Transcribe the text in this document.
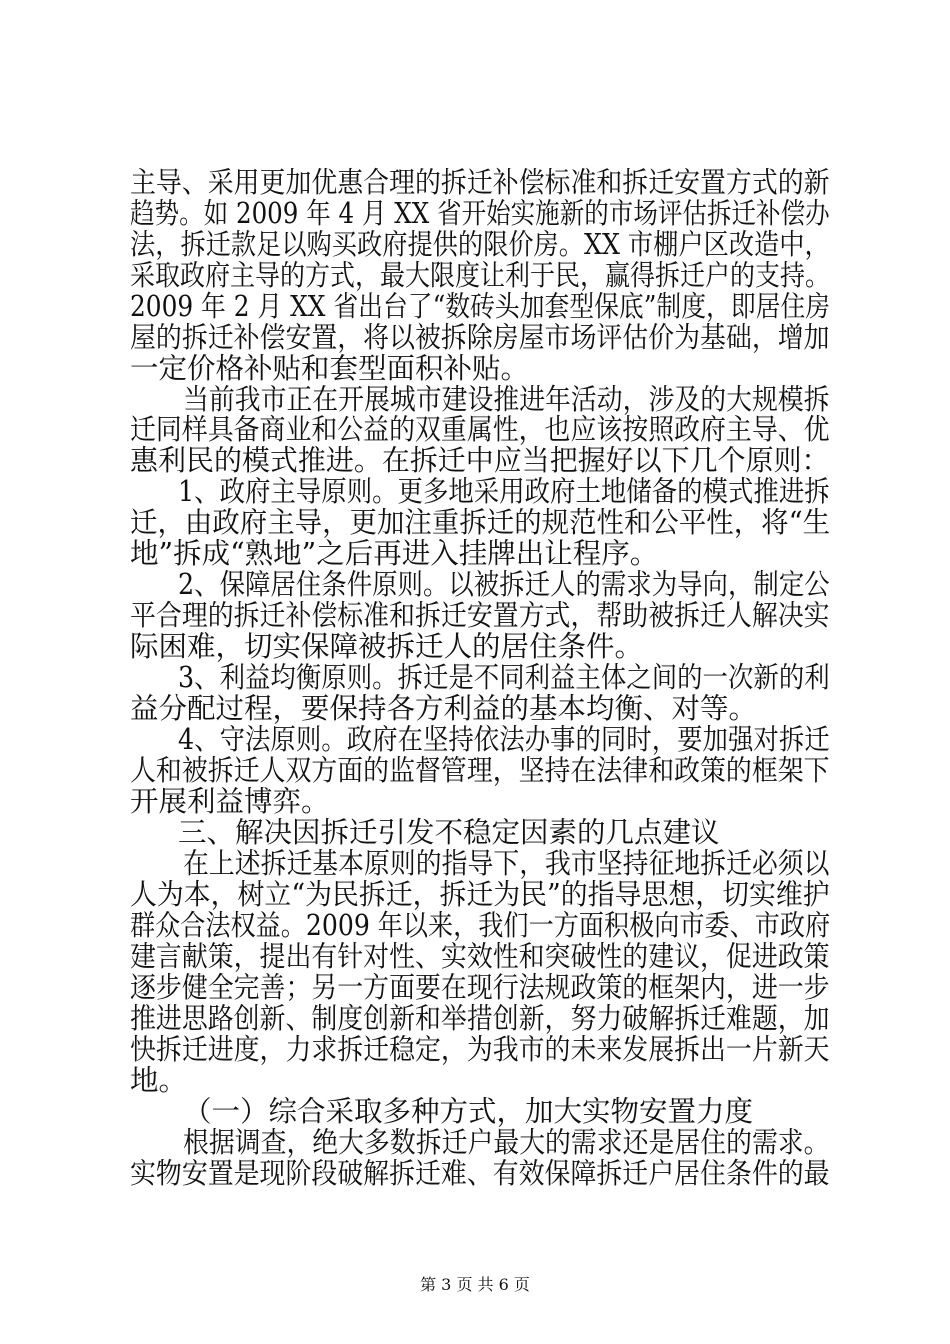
主导、采用更加优惠合理的拆迁补偿标准和拆迁安置方式的新
趋势。如 2009 年 4 月 XX 省开始实施新的市场评估拆迁补偿办
法，拆迁款足以购买政府提供的限价房。XX 市棚户区改造中，
采取政府主导的方式，最大限度让利于民，赢得拆迁户的支持。
2009 年 2 月 XX 省出台了“数砖头加套型保底”制度，即居住房
屋的拆迁补偿安置，将以被拆除房屋市场评估价为基础，增加
一定价格补贴和套型面积补贴。
当前我市正在开展城市建设推进年活动，涉及的大规模拆
迁同样具备商业和公益的双重属性，也应该按照政府主导、优
惠利民的模式推进。在拆迁中应当把握好以下几个原则：
1、政府主导原则。更多地采用政府土地储备的模式推进拆
迁，由政府主导，更加注重拆迁的规范性和公平性，将“生
地”拆成“熟地”之后再进入挂牌出让程序。
2、保障居住条件原则。以被拆迁人的需求为导向，制定公
平合理的拆迁补偿标准和拆迁安置方式，帮助被拆迁人解决实
际困难，切实保障被拆迁人的居住条件。
3、利益均衡原则。拆迁是不同利益主体之间的一次新的利
益分配过程，要保持各方利益的基本均衡、对等。
4、守法原则。政府在坚持依法办事的同时，要加强对拆迁
人和被拆迁人双方面的监督管理，坚持在法律和政策的框架下
开展利益博弈。
三、解决因拆迁引发不稳定因素的几点建议
在上述拆迁基本原则的指导下，我市坚持征地拆迁必须以
人为本，树立“为民拆迁，拆迁为民”的指导思想，切实维护
群众合法权益。2009 年以来，我们一方面积极向市委、市政府
建言献策，提出有针对性、实效性和突破性的建议，促进政策
逐步健全完善；另一方面要在现行法规政策的框架内，进一步
推进思路创新、制度创新和举措创新，努力破解拆迁难题，加
快拆迁进度，力求拆迁稳定，为我市的未来发展拆出一片新天
地。
（一）综合采取多种方式，加大实物安置力度
根据调查，绝大多数拆迁户最大的需求还是居住的需求。
实物安置是现阶段破解拆迁难、有效保障拆迁户居住条件的最
第 3 页 共 6 页
